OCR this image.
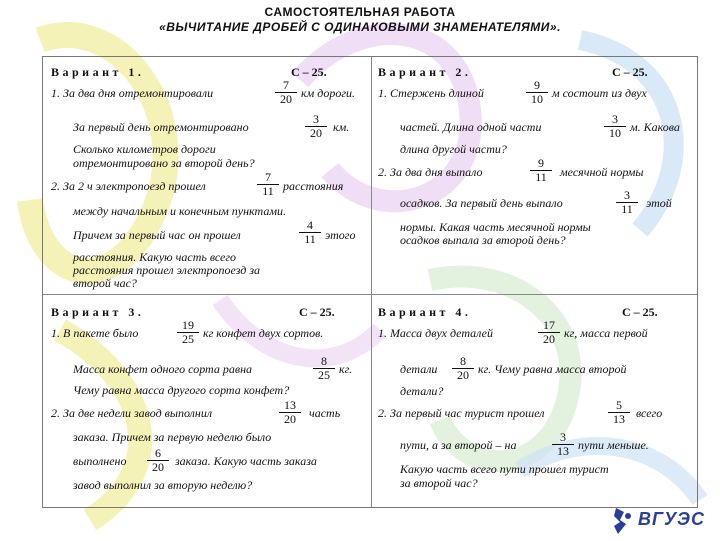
САМОСТОЯТЕЛЬНАЯ РАБОТА
«ВЫЧИТАНИЕ ДРОБЕЙ С ОДИНАКОВЫМИ ЗНАМЕНАТЕЛЯМИ».
Вариант 1.	С – 25.
1. За два дня отремонтировали	$\frac{7}{20}$ км дороги.
За первый день отремонтировано	$\frac{3}{20}$ км.
Сколько километров дороги
отремонтировано за второй день?
2. За 2 ч электропоезд прошел	$\frac{7}{11}$ расстояния
между начальным и конечным пунктами.
Причем за первый час он прошел	$\frac{4}{11}$ этого
расстояния. Какую часть всего
расстояния прошел электропоезд за
второй час?
Вариант 2.	С – 25.
1. Стержень длиной	$\frac{9}{10}$ м состоит из двух
частей. Длина одной части	$\frac{3}{10} м$. Какова
длина другой части?
2. За два дня выпало	$\frac{9}{11}$ месячной нормы
осадков. За первый день выпало	$\frac{3}{11}$ этой
нормы. Какая часть месячной нормы
осадков выпала за второй день?
Вариант 3.	С – 25.
1. В пакете было	$\frac{19}{25}$ кг конфет двух сортов.
Масса конфет одного сорта равна	$\frac{8}{25}$ кг.
Чему равна масса другого сорта конфет?
2. За две недели завод выполнил	$\frac{13}{20}$ часть
заказа. Причем за первую неделю было
выполнено $\frac{6}{20}$ заказа. Какую часть заказа
завод выполнил за вторую неделю?
Вариант 4.	С – 25.
1. Масса двух деталей	$\frac{17}{20}$ кг, масса первой
детали $\frac{8}{20}$ кг. Чему равна масса второй
детали?
2. За первый час турист прошел	$\frac{5}{13}$ всего
пути, а за второй – на	$\frac{3}{13}$ пути меньше.
Какую часть всего пути прошел турист
за второй час?
ВГУЭС
